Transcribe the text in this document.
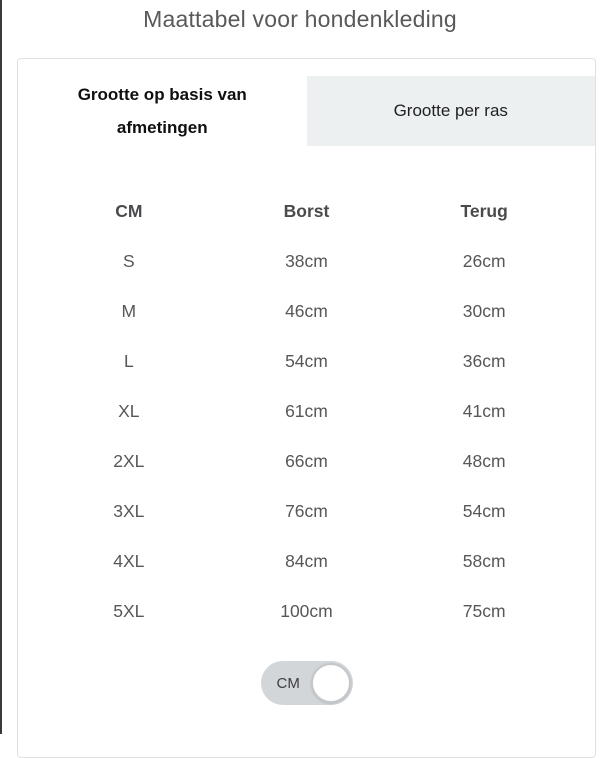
Maattabel voor hondenkleding
Grootte op basis van afmetingen
Grootte per ras
CM	Borst	Terug
S	38cm	26cm
M	46cm	30cm
L	54cm	36cm
XL	61cm	41cm
2XL	66cm	48cm
3XL	76cm	54cm
4XL	84cm	58cm
5XL	100cm	75cm
CM
